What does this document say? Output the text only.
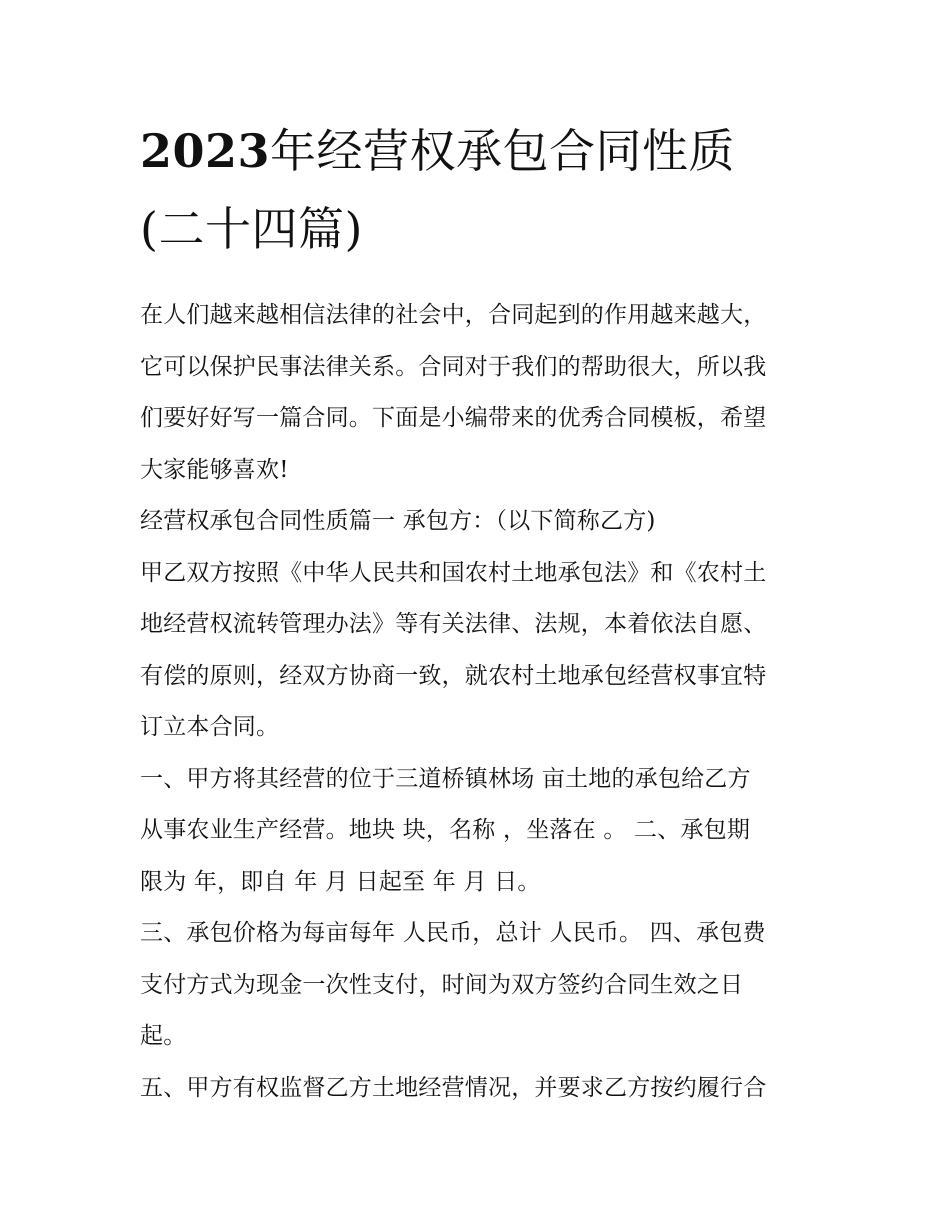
2023年经营权承包合同性质
(二十四篇)
在人们越来越相信法律的社会中，合同起到的作用越来越大，
它可以保护民事法律关系。合同对于我们的帮助很大，所以我
们要好好写一篇合同。下面是小编带来的优秀合同模板，希望
大家能够喜欢!
经营权承包合同性质篇一 承包方：（以下简称乙方)
甲乙双方按照《中华人民共和国农村土地承包法》和《农村土
地经营权流转管理办法》等有关法律、法规，本着依法自愿、
有偿的原则，经双方协商一致，就农村土地承包经营权事宜特
订立本合同。
一、甲方将其经营的位于三道桥镇林场 亩土地的承包给乙方
从事农业生产经营。地块 块，名称 ，坐落在 。 二、承包期
限为 年，即自 年 月 日起至 年 月 日。
三、承包价格为每亩每年 人民币，总计 人民币。 四、承包费
支付方式为现金一次性支付，时间为双方签约合同生效之日
起。
五、甲方有权监督乙方土地经营情况，并要求乙方按约履行合
